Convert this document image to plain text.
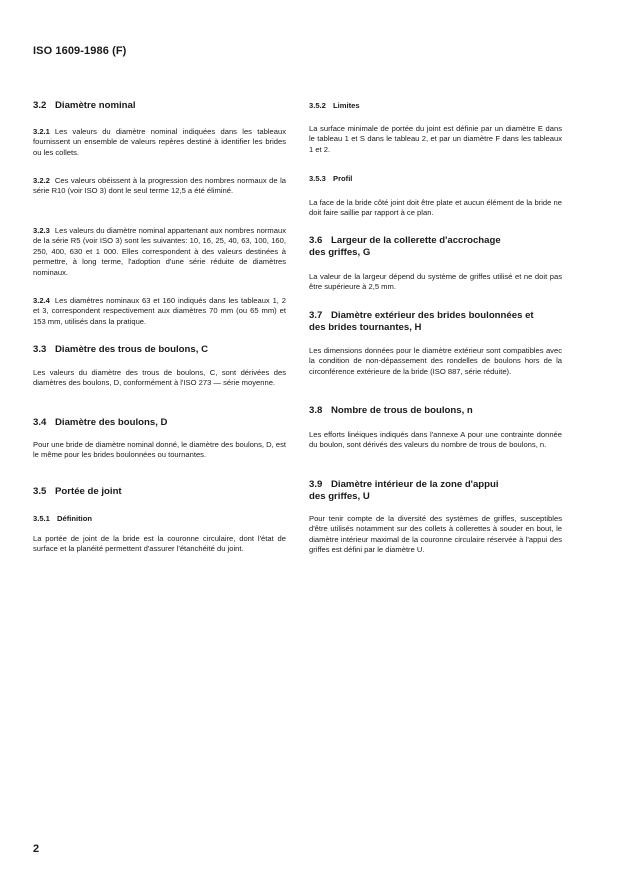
ISO 1609-1986 (F)
3.2 Diamètre nominal

3.2.1 Les valeurs du diamètre nominal indiquées dans les tableaux fournissent un ensemble de valeurs repères destiné à identifier les brides ou les collets.

3.2.2 Ces valeurs obéissent à la progression des nombres normaux de la série R10 (voir ISO 3) dont le seul terme 12,5 a été éliminé.

3.2.3 Les valeurs du diamètre nominal appartenant aux nombres normaux de la série R5 (voir ISO 3) sont les suivantes: 10, 16, 25, 40, 63, 100, 160, 250, 400, 630 et 1 000. Elles correspondent à des valeurs destinées à permettre, à long terme, l'adoption d'une série réduite de diamètres nominaux.

3.2.4 Les diamètres nominaux 63 et 160 indiqués dans les tableaux 1, 2 et 3, correspondent respectivement aux diamètres 70 mm (ou 65 mm) et 153 mm, utilisés dans la pratique.

3.3 Diamètre des trous de boulons, C

Les valeurs du diamètre des trous de boulons, C, sont dérivées des diamètres des boulons, D, conformément à l'ISO 273 — série moyenne.

3.4 Diamètre des boulons, D

Pour une bride de diamètre nominal donné, le diamètre des boulons, D, est le même pour les brides boulonnées ou tournantes.

3.5 Portée de joint
3.5.1 Définition

La portée de joint de la bride est la couronne circulaire, dont l'état de surface et la planéité permettent d'assurer l'étanchéité du joint.

3.5.2 Limites

La surface minimale de portée du joint est définie par un diamètre E dans le tableau 1 et S dans le tableau 2, et par un diamètre F dans les tableaux 1 et 2.

3.5.3 Profil

La face de la bride côté joint doit être plate et aucun élément de la bride ne doit faire saillie par rapport à ce plan.

3.6 Largeur de la collerette d'accrochage
des griffes, G

La valeur de la largeur dépend du système de griffes utilisé et ne doit pas être supérieure à 2,5 mm.

3.7 Diamètre extérieur des brides boulonnées et
des brides tournantes, H

Les dimensions données pour le diamètre extérieur sont compatibles avec la condition de non-dépassement des rondelles de boulons hors de la circonférence extérieure de la bride (ISO 887, série réduite).

3.8 Nombre de trous de boulons, n

Les efforts linéiques indiqués dans l'annexe A pour une contrainte donnée du boulon, sont dérivés des valeurs du nombre de trous de boulons, n.

3.9 Diamètre intérieur de la zone d'appui
des griffes, U

Pour tenir compte de la diversité des systèmes de griffes, susceptibles d'être utilisés notamment sur des collets à collerettes à souder en bout, le diamètre intérieur maximal de la couronne circulaire réservée à l'appui des griffes est défini par le diamètre U.

2
